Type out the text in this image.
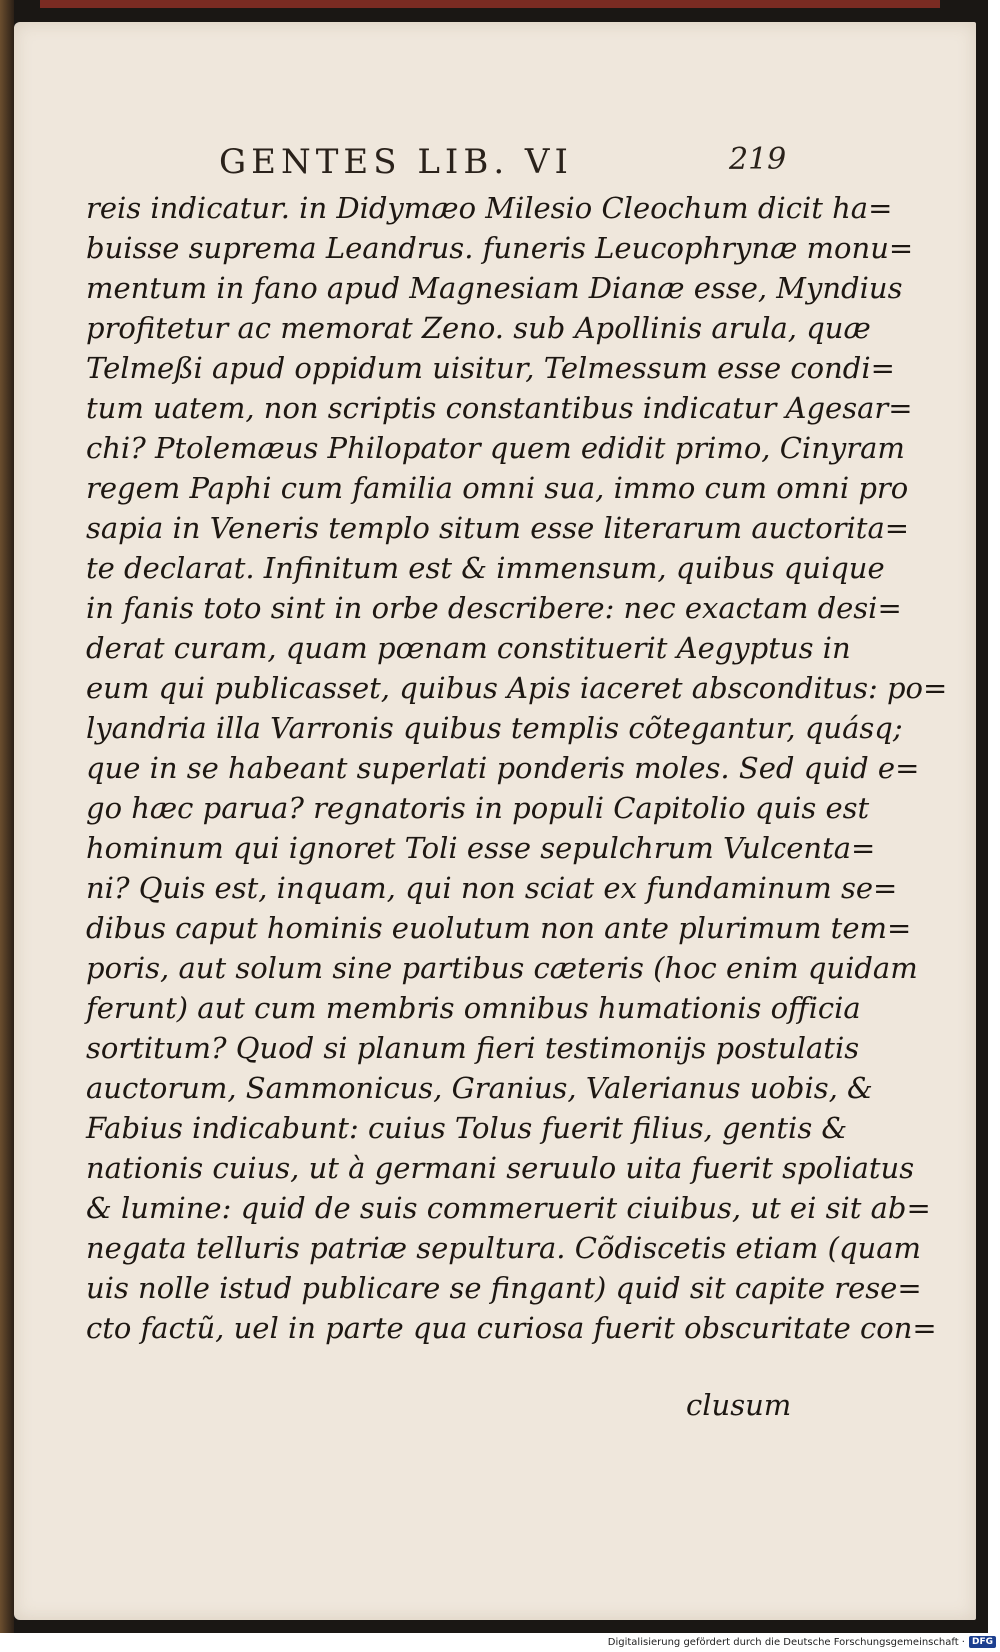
GENTES LIB. VI	219
reis indicatur. in Didymæo Milesio Cleochum dicit ha=
buisse suprema Leandrus. funeris Leucophrynæ monu=
mentum in fano apud Magnesiam Dianæ esse, Myndius
profitetur ac memorat Zeno. sub Apollinis arula, quæ
Telmeßi apud oppidum uisitur, Telmessum esse condi=
tum uatem, non scriptis constantibus indicatur Agesar=
chi? Ptolemæus Philopator quem edidit primo, Cinyram
regem Paphi cum familia omni sua, immo cum omni pro
sapia in Veneris templo situm esse literarum auctorita=
te declarat. Infinitum est & immensum, quibus quique
in fanis toto sint in orbe describere: nec exactam desi=
derat curam, quam pœnam constituerit Aegyptus in
eum qui publicasset, quibus Apis iaceret absconditus: po=
lyandria illa Varronis quibus templis cõtegantur, quásq;
que in se habeant superlati ponderis moles. Sed quid e=
go hæc parua? regnatoris in populi Capitolio quis est
hominum qui ignoret Toli esse sepulchrum Vulcenta=
ni? Quis est, inquam, qui non sciat ex fundaminum se=
dibus caput hominis euolutum non ante plurimum tem=
poris, aut solum sine partibus cæteris (hoc enim quidam
ferunt) aut cum membris omnibus humationis officia
sortitum? Quod si planum fieri testimonijs postulatis
auctorum, Sammonicus, Granius, Valerianus uobis, &
Fabius indicabunt: cuius Tolus fuerit filius, gentis &
nationis cuius, ut à germani seruulo uita fuerit spoliatus
& lumine: quid de suis commeruerit ciuibus, ut ei sit ab=
negata telluris patriæ sepultura. Cõdiscetis etiam (quam
uis nolle istud publicare se fingant) quid sit capite rese=
cto factũ, uel in parte qua curiosa fuerit obscuritate con=
clusum
Digitalisierung gefördert durch die Deutsche Forschungsgemeinschaft · DFG
